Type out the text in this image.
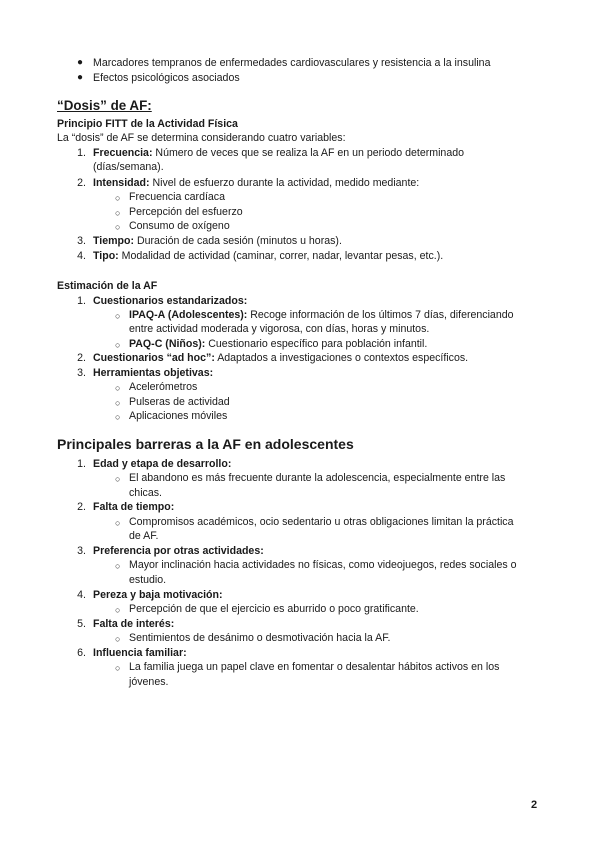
● Marcadores tempranos de enfermedades cardiovasculares y resistencia a la insulina
● Efectos psicológicos asociados
“Dosis” de AF:
Principio FITT de la Actividad Física
La “dosis” de AF se determina considerando cuatro variables:
1. Frecuencia: Número de veces que se realiza la AF en un periodo determinado
(días/semana).
2. Intensidad: Nivel de esfuerzo durante la actividad, medido mediante:
○ Frecuencia cardíaca
○ Percepción del esfuerzo
○ Consumo de oxígeno
3. Tiempo: Duración de cada sesión (minutos u horas).
4. Tipo: Modalidad de actividad (caminar, correr, nadar, levantar pesas, etc.).
Estimación de la AF
1. Cuestionarios estandarizados:
○ IPAQ-A (Adolescentes): Recoge información de los últimos 7 días, diferenciando
entre actividad moderada y vigorosa, con días, horas y minutos.
○ PAQ-C (Niños): Cuestionario específico para población infantil.
2. Cuestionarios “ad hoc”: Adaptados a investigaciones o contextos específicos.
3. Herramientas objetivas:
○ Acelerómetros
○ Pulseras de actividad
○ Aplicaciones móviles
Principales barreras a la AF en adolescentes
1. Edad y etapa de desarrollo:
○ El abandono es más frecuente durante la adolescencia, especialmente entre las
chicas.
2. Falta de tiempo:
○ Compromisos académicos, ocio sedentario u otras obligaciones limitan la práctica
de AF.
3. Preferencia por otras actividades:
○ Mayor inclinación hacia actividades no físicas, como videojuegos, redes sociales o
estudio.
4. Pereza y baja motivación:
○ Percepción de que el ejercicio es aburrido o poco gratificante.
5. Falta de interés:
○ Sentimientos de desánimo o desmotivación hacia la AF.
6. Influencia familiar:
○ La familia juega un papel clave en fomentar o desalentar hábitos activos en los
jóvenes.
2
